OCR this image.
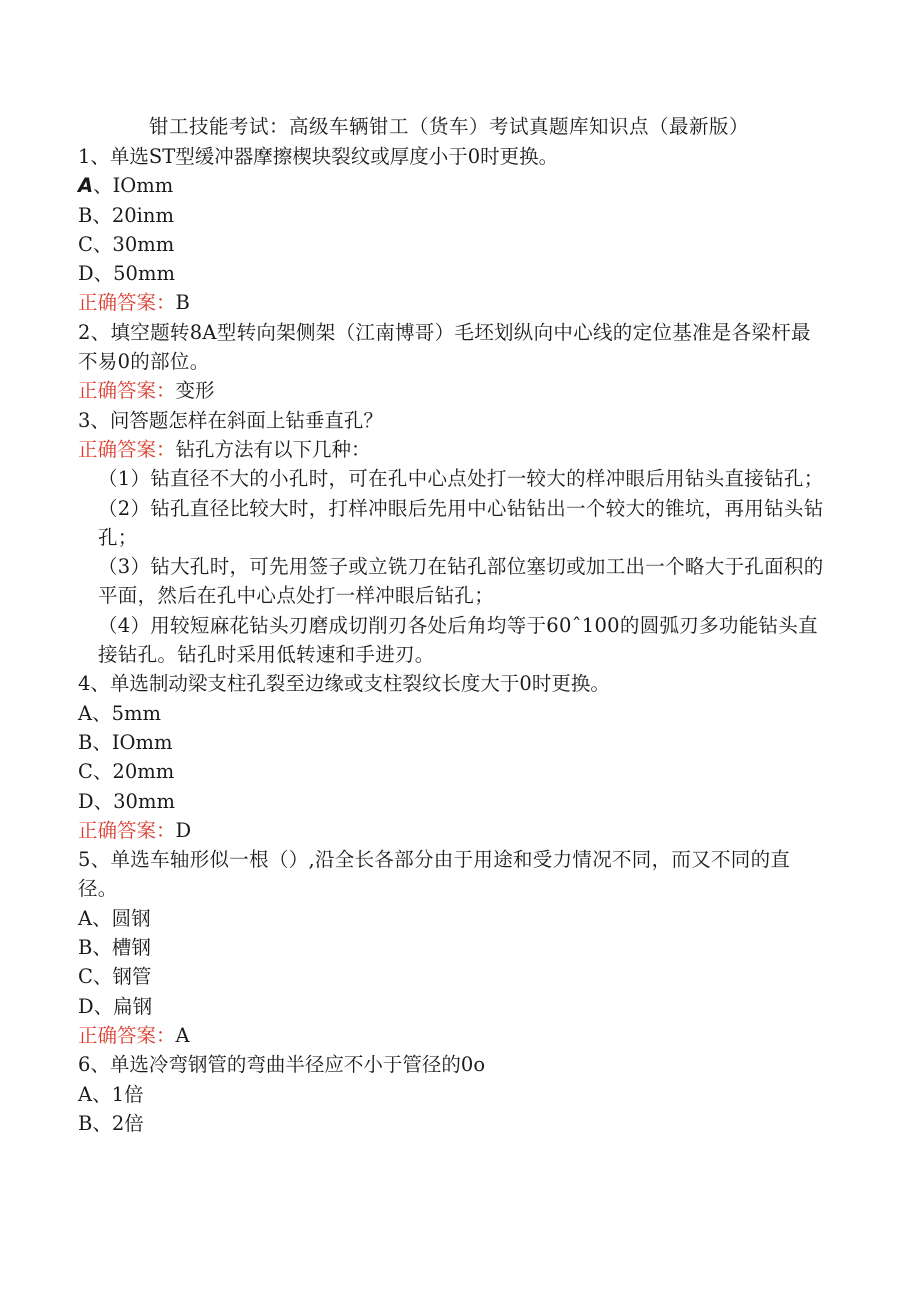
钳工技能考试：高级车辆钳工（货车）考试真题库知识点（最新版）
1、单选ST型缓冲器摩擦楔块裂纹或厚度小于0时更换。
A、IOmm
B、20inm
C、30mm
D、50mm
正确答案：B
2、填空题转8A型转向架侧架（江南博哥）毛坯划纵向中心线的定位基准是各梁杆最不易0的部位。
正确答案：变形
3、问答题怎样在斜面上钻垂直孔？
正确答案：钻孔方法有以下几种：
（1）钻直径不大的小孔时，可在孔中心点处打一较大的样冲眼后用钻头直接钻孔；
（2）钻孔直径比较大时，打样冲眼后先用中心钻钻出一个较大的锥坑，再用钻头钻孔；
（3）钻大孔时，可先用签子或立铣刀在钻孔部位塞切或加工出一个略大于孔面积的平面，然后在孔中心点处打一样冲眼后钻孔；
（4）用较短麻花钻头刃磨成切削刃各处后角均等于60ˆ100的圆弧刃多功能钻头直接钻孔。钻孔时采用低转速和手进刃。
4、单选制动梁支柱孔裂至边缘或支柱裂纹长度大于0时更换。
A、5mm
B、IOmm
C、20mm
D、30mm
正确答案：D
5、单选车轴形似一根（）,沿全长各部分由于用途和受力情况不同，而又不同的直径。
A、圆钢
B、槽钢
C、钢管
D、扁钢
正确答案：A
6、单选冷弯钢管的弯曲半径应不小于管径的0o
A、1倍
B、2倍
